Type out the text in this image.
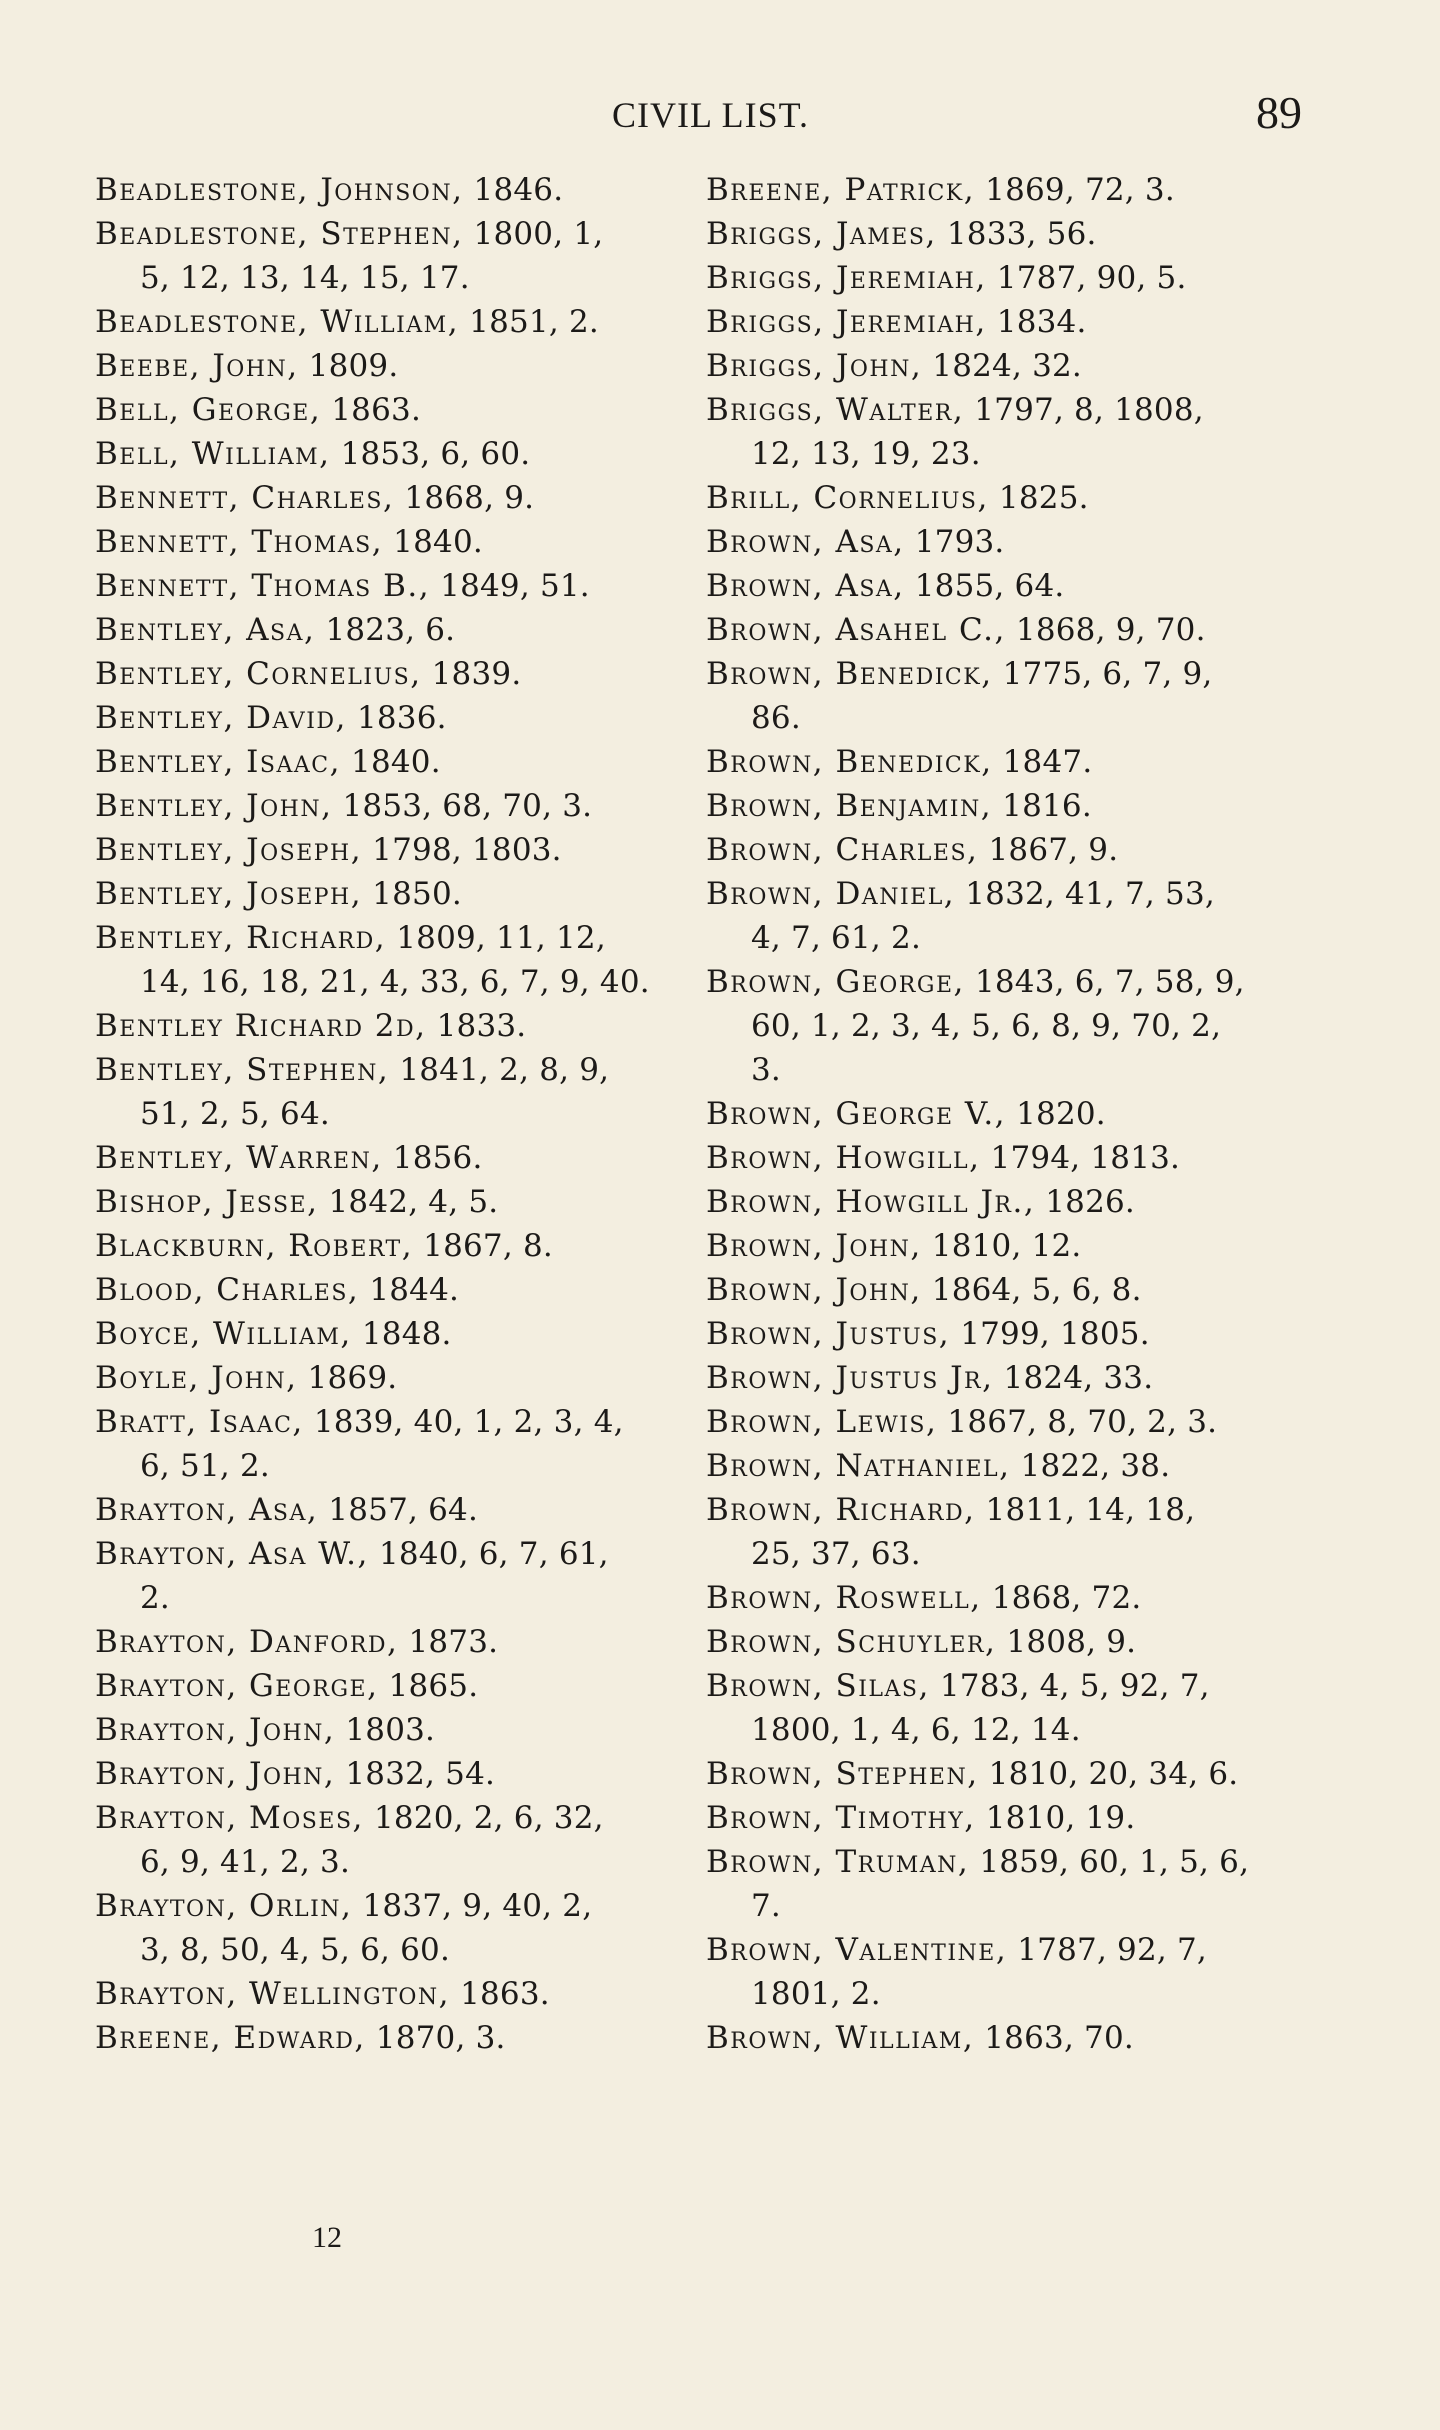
CIVIL LIST.	89
Beadlestone, Johnson, 1846.
Beadlestone, Stephen, 1800, 1,
5, 12, 13, 14, 15, 17.
Beadlestone, William, 1851, 2.
Beebe, John, 1809.
Bell, George, 1863.
Bell, William, 1853, 6, 60.
Bennett, Charles, 1868, 9.
Bennett, Thomas, 1840.
Bennett, Thomas B., 1849, 51.
Bentley, Asa, 1823, 6.
Bentley, Cornelius, 1839.
Bentley, David, 1836.
Bentley, Isaac, 1840.
Bentley, John, 1853, 68, 70, 3.
Bentley, Joseph, 1798, 1803.
Bentley, Joseph, 1850.
Bentley, Richard, 1809, 11, 12,
14, 16, 18, 21, 4, 33, 6, 7, 9, 40.
Bentley Richard 2d, 1833.
Bentley, Stephen, 1841, 2, 8, 9,
51, 2, 5, 64.
Bentley, Warren, 1856.
Bishop, Jesse, 1842, 4, 5.
Blackburn, Robert, 1867, 8.
Blood, Charles, 1844.
Boyce, William, 1848.
Boyle, John, 1869.
Bratt, Isaac, 1839, 40, 1, 2, 3, 4,
6, 51, 2.
Brayton, Asa, 1857, 64.
Brayton, Asa W., 1840, 6, 7, 61,
2.
Brayton, Danford, 1873.
Brayton, George, 1865.
Brayton, John, 1803.
Brayton, John, 1832, 54.
Brayton, Moses, 1820, 2, 6, 32,
6, 9, 41, 2, 3.
Brayton, Orlin, 1837, 9, 40, 2,
3, 8, 50, 4, 5, 6, 60.
Brayton, Wellington, 1863.
Breene, Edward, 1870, 3.
Breene, Patrick, 1869, 72, 3.
Briggs, James, 1833, 56.
Briggs, Jeremiah, 1787, 90, 5.
Briggs, Jeremiah, 1834.
Briggs, John, 1824, 32.
Briggs, Walter, 1797, 8, 1808,
12, 13, 19, 23.
Brill, Cornelius, 1825.
Brown, Asa, 1793.
Brown, Asa, 1855, 64.
Brown, Asahel C., 1868, 9, 70.
Brown, Benedick, 1775, 6, 7, 9,
86.
Brown, Benedick, 1847.
Brown, Benjamin, 1816.
Brown, Charles, 1867, 9.
Brown, Daniel, 1832, 41, 7, 53,
4, 7, 61, 2.
Brown, George, 1843, 6, 7, 58, 9,
60, 1, 2, 3, 4, 5, 6, 8, 9, 70, 2,
3.
Brown, George V., 1820.
Brown, Howgill, 1794, 1813.
Brown, Howgill Jr., 1826.
Brown, John, 1810, 12.
Brown, John, 1864, 5, 6, 8.
Brown, Justus, 1799, 1805.
Brown, Justus Jr, 1824, 33.
Brown, Lewis, 1867, 8, 70, 2, 3.
Brown, Nathaniel, 1822, 38.
Brown, Richard, 1811, 14, 18,
25, 37, 63.
Brown, Roswell, 1868, 72.
Brown, Schuyler, 1808, 9.
Brown, Silas, 1783, 4, 5, 92, 7,
1800, 1, 4, 6, 12, 14.
Brown, Stephen, 1810, 20, 34, 6.
Brown, Timothy, 1810, 19.
Brown, Truman, 1859, 60, 1, 5, 6,
7.
Brown, Valentine, 1787, 92, 7,
1801, 2.
Brown, William, 1863, 70.
12
